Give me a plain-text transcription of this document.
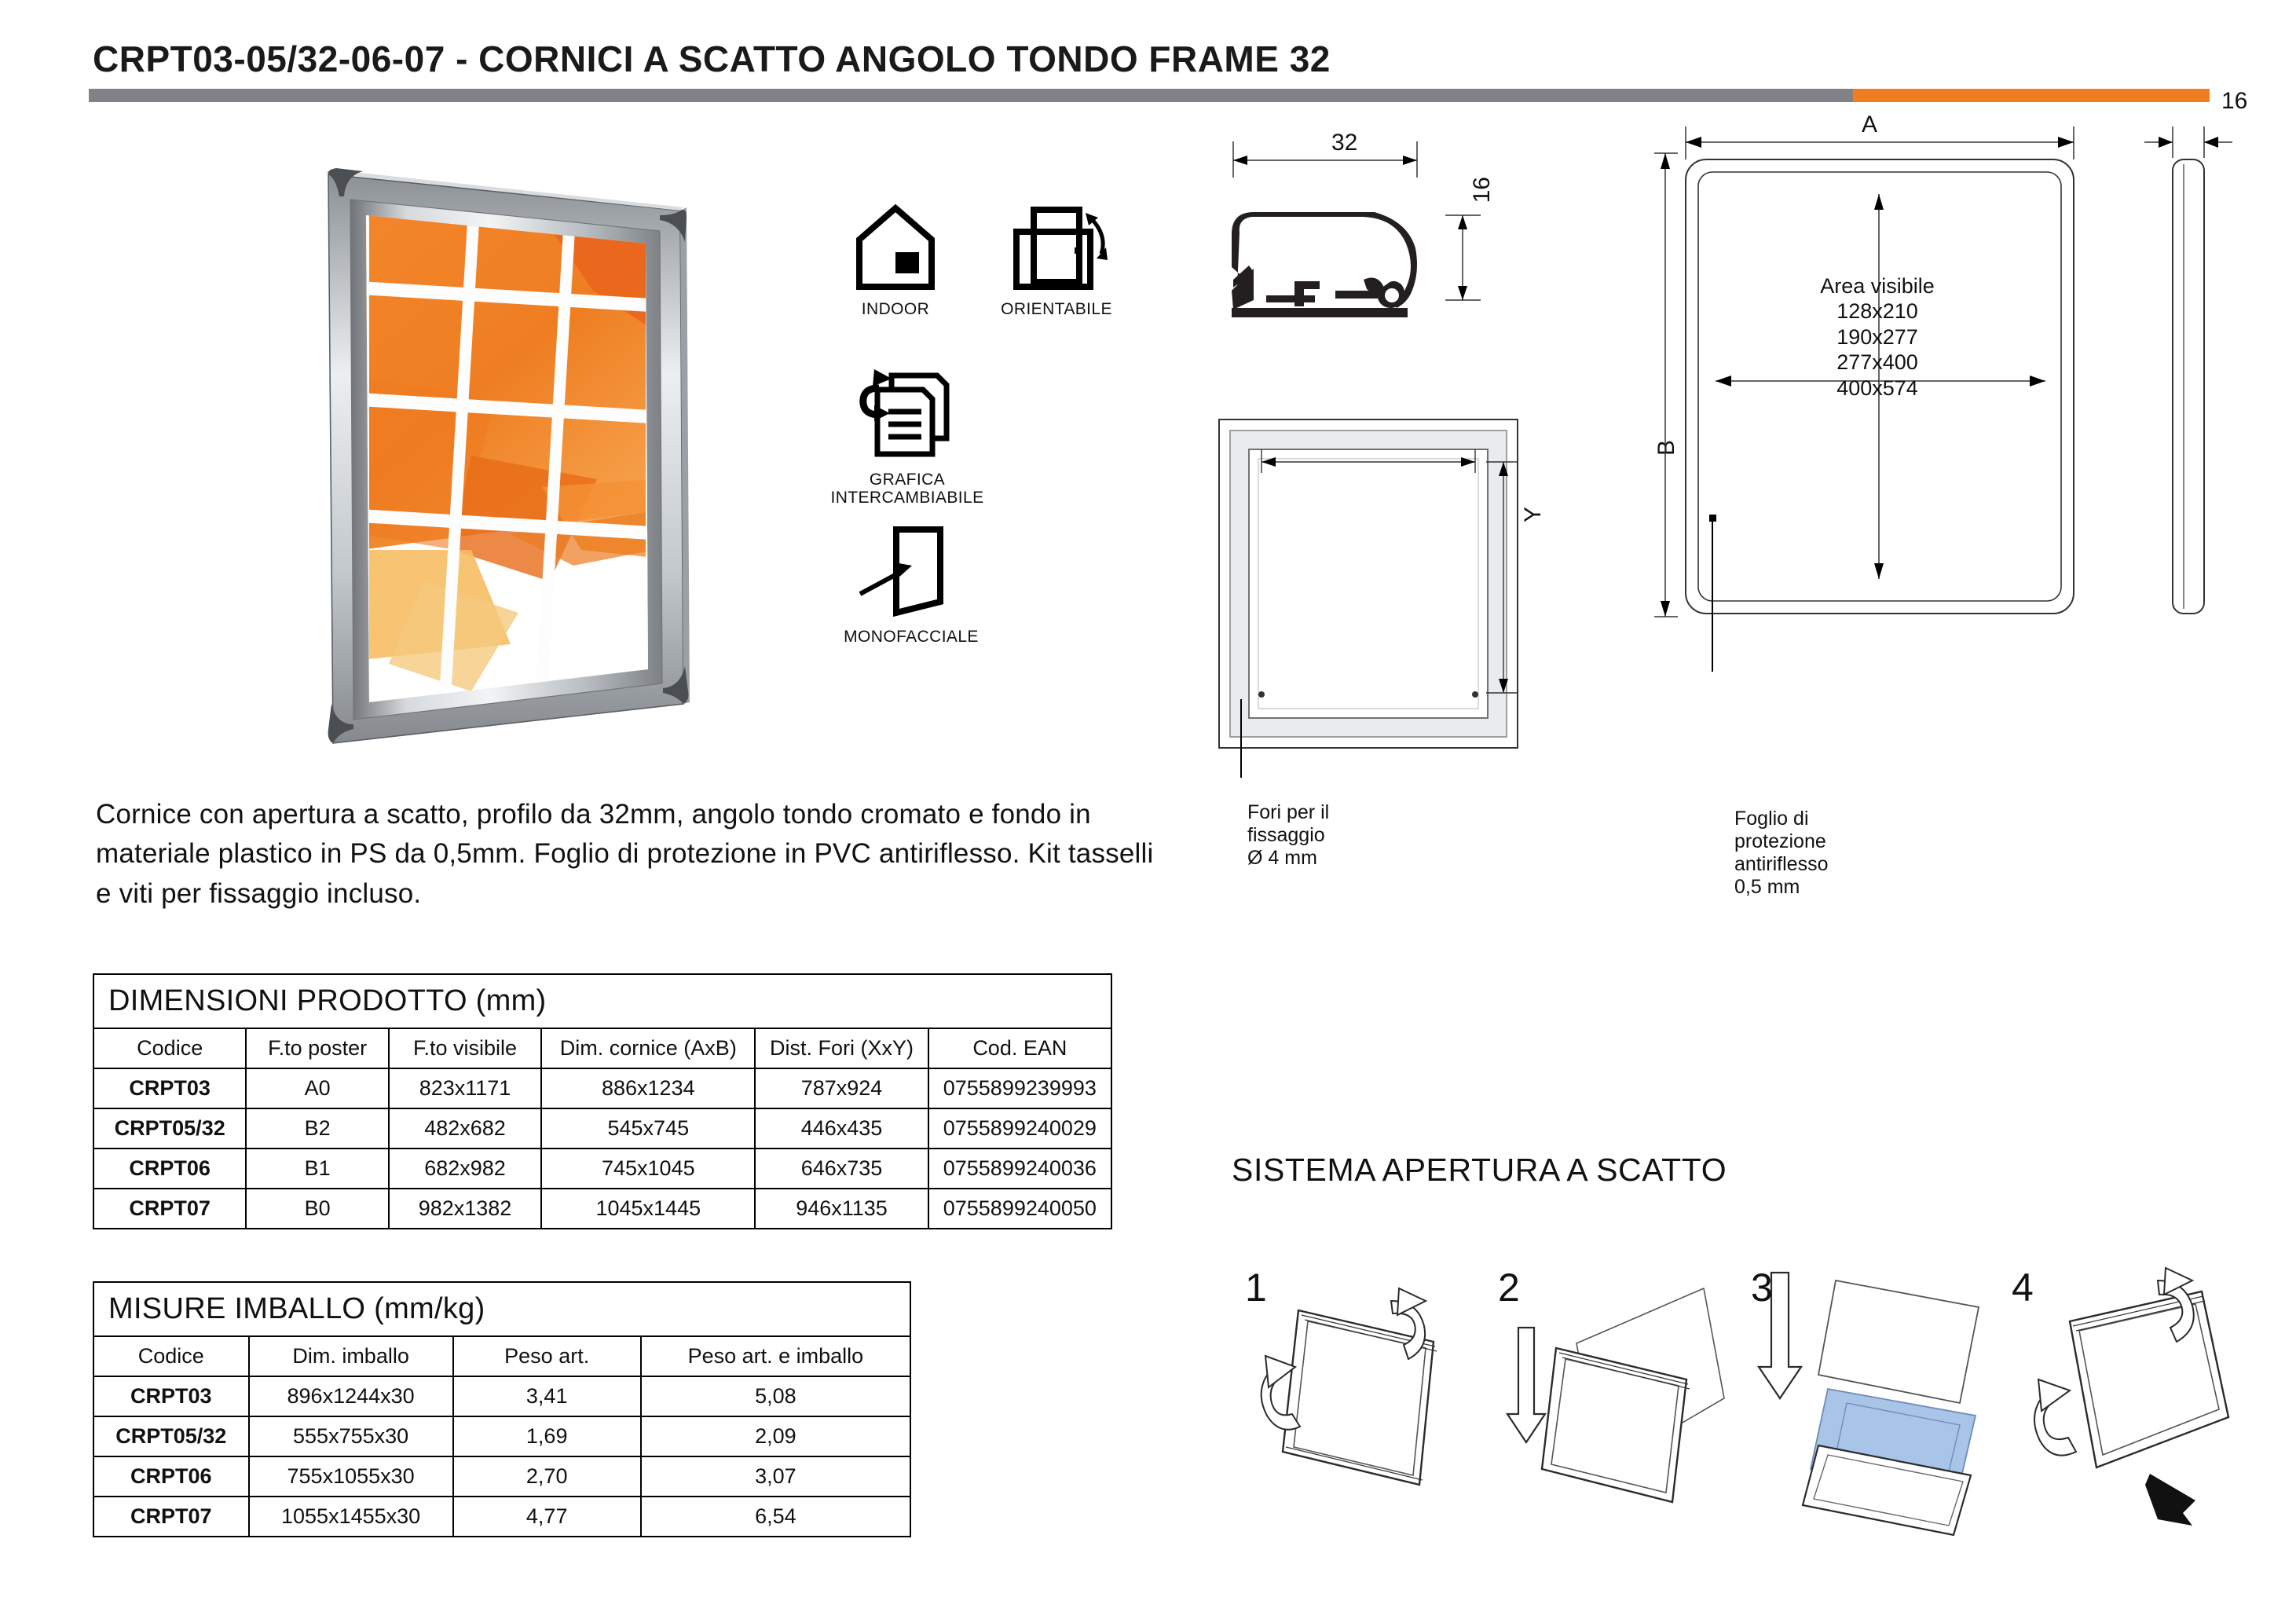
CRPT03-05/32-06-07 - CORNICI A SCATTO ANGOLO TONDO FRAME 32
INDOOR	ORIENTABILE
GRAFICA
INTERCAMBIABILE
MONOFACCIALE
Cornice con apertura a scatto, profilo da 32mm, angolo tondo cromato e fondo in materiale plastico in PS da 0,5mm. Foglio di protezione in PVC antiriflesso. Kit tasselli e viti per fissaggio incluso.
DIMENSIONI PRODOTTO (mm)					
Codice	F.to poster	F.to visibile	Dim. cornice (AxB)	Dist. Fori (XxY)	Cod. EAN
CRPT03	A0	823x1171	886x1234	787x924	0755899239993
CRPT05/32	B2	482x682	545x745	446x435	0755899240029
CRPT06	B1	682x982	745x1045	646x735	0755899240036
CRPT07	B0	982x1382	1045x1445	946x1135	0755899240050
MISURE IMBALLO (mm/kg)			
Codice	Dim. imballo	Peso art.	Peso art. e imballo
CRPT03	896x1244x30	3,41	5,08
CRPT05/32	555x755x30	1,69	2,09
CRPT06	755x1055x30	2,70	3,07
CRPT07	1055x1455x30	4,77	6,54
32
16
A
16
B
Area visibile
128x210
190x277
277x400
400x574
Y
Fori per il
fissaggio
Ø 4 mm
Foglio di
protezione
antiriflesso
0,5 mm
SISTEMA APERTURA A SCATTO
1	2	3	4
